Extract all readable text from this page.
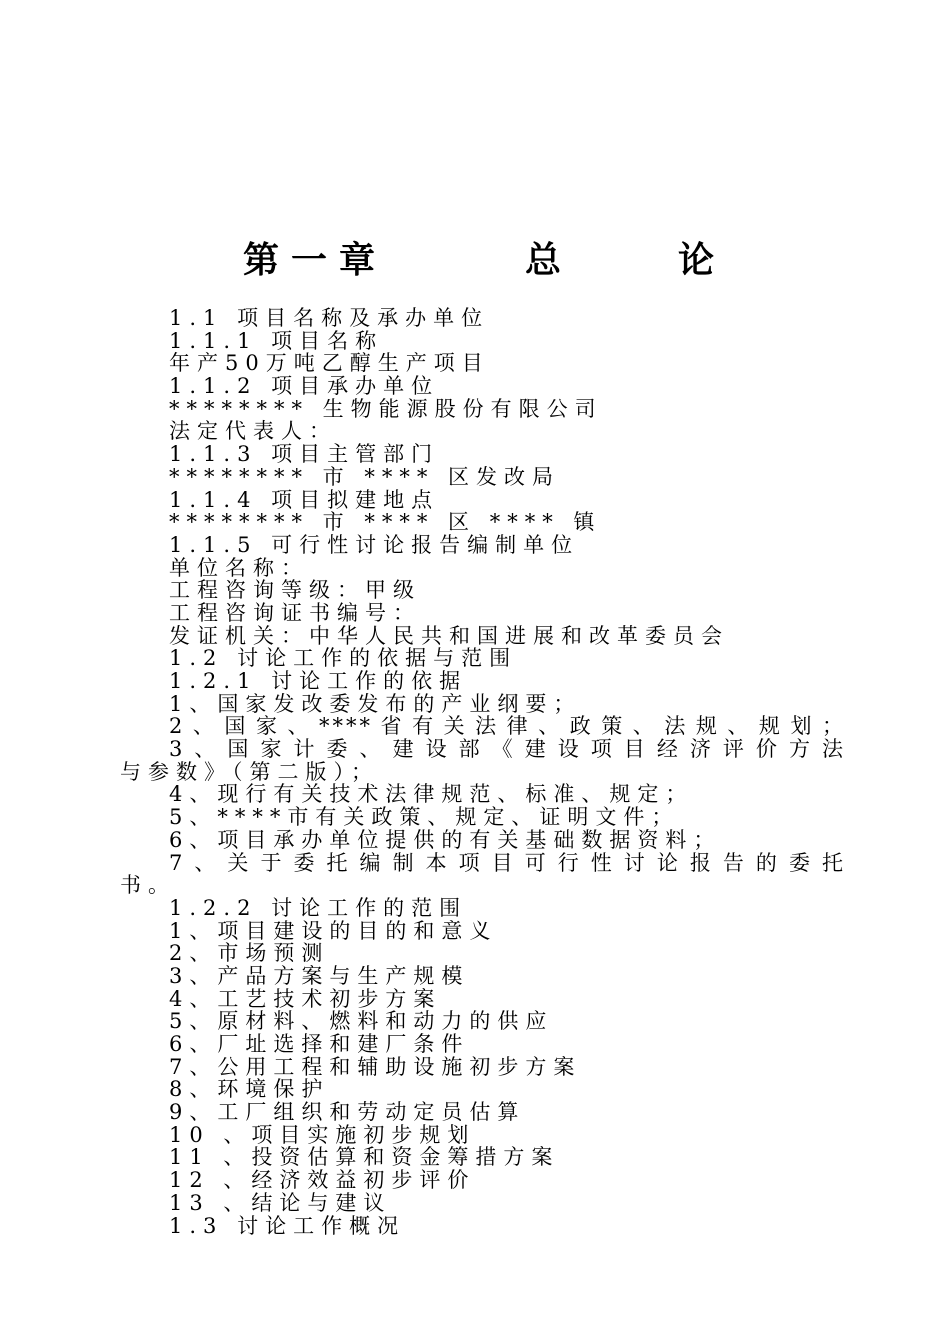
第一章	总	论
1.1 项目名称及承办单位
1.1.1 项目名称
年产50万吨乙醇生产项目
1.1.2 项目承办单位
******** 生物能源股份有限公司
法定代表人：
1.1.3 项目主管部门
******** 市 **** 区发改局
1.1.4 项目拟建地点
******** 市 **** 区 **** 镇
1.1.5 可行性讨论报告编制单位
单位名称：
工程咨询等级：甲级
工程咨询证书编号：
发证机关：中华人民共和国进展和改革委员会
1.2 讨论工作的依据与范围
1.2.1 讨论工作的依据
1、国家发改委发布的产业纲要；
2、国家、****省有关法律、政策、法规、规划；
3、国家计委、建设部《建设项目经济评价方法
与参数》（第二版）；
4、现行有关技术法律规范、标准、规定；
5、****市有关政策、规定、证明文件；
6、项目承办单位提供的有关基础数据资料；
7、关于委托编制本项目可行性讨论报告的委托
书。
1.2.2 讨论工作的范围
1、项目建设的目的和意义
2、市场预测
3、产品方案与生产规模
4、工艺技术初步方案
5、原材料、燃料和动力的供应
6、厂址选择和建厂条件
7、公用工程和辅助设施初步方案
8、环境保护
9、工厂组织和劳动定员估算
10 、项目实施初步规划
11 、投资估算和资金筹措方案
12 、经济效益初步评价
13 、结论与建议
1.3 讨论工作概况
